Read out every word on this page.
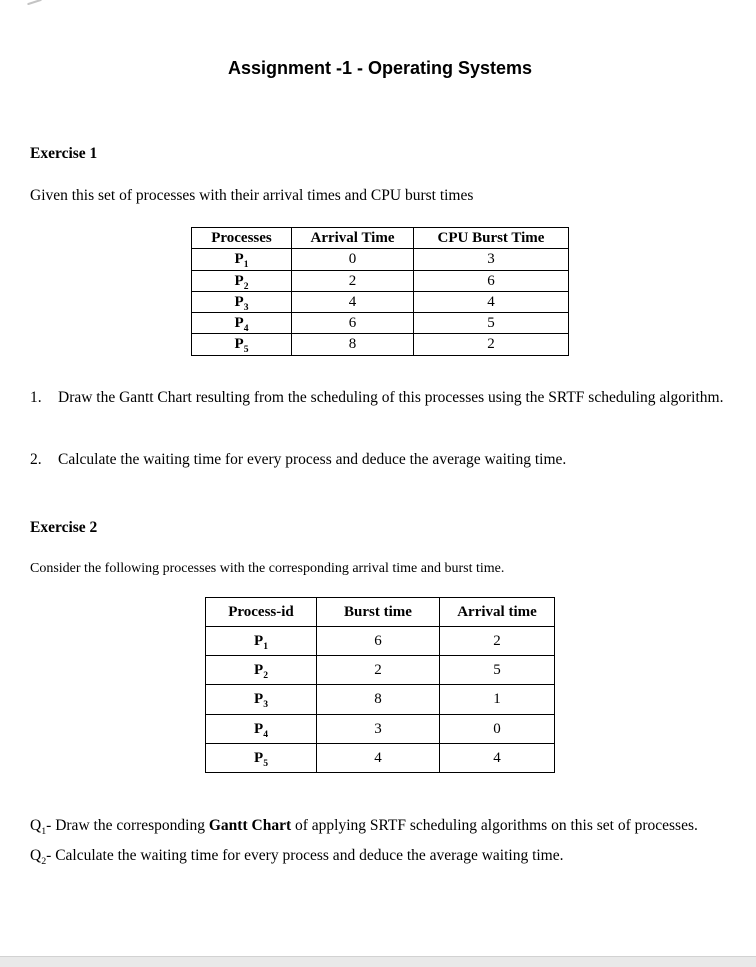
Assignment -1 - Operating Systems

Exercise 1

Given this set of processes with their arrival times and CPU burst times

Processes	Arrival Time	CPU Burst Time
$P_1$	0	3
$P_2$	2	6
$P_3$	4	4
$P_4$	6	5
$P_5$	8	2
1.	Draw the Gantt Chart resulting from the scheduling of this processes using the SRTF scheduling algorithm.
2.	Calculate the waiting time for every process and deduce the average waiting time.

Exercise 2

Consider the following processes with the corresponding arrival time and burst time.

Process-id	Burst time	Arrival time
$P_1$	6	2
$P_2$	2	5
$P_3$	8	1
$P_4$	3	0
$P_5$	4	4

$Q_1-$ Draw the corresponding Gantt Chart of applying SRTF scheduling algorithms on this set of processes.

$Q_2-$ Calculate the waiting time for every process and deduce the average waiting time.
